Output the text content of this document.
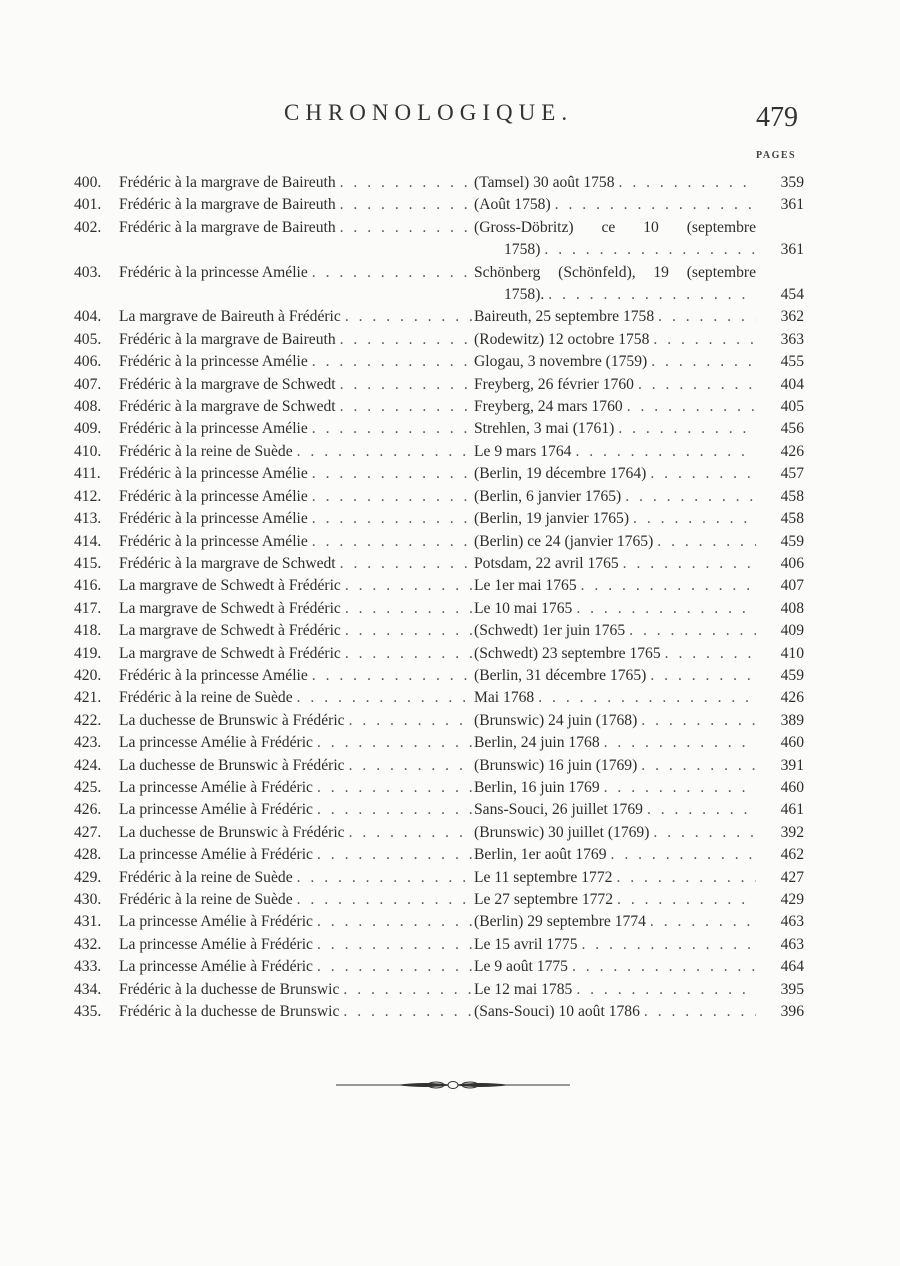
CHRONOLOGIQUE.	479
PAGES
400.	Frédéric à la margrave de Baireuth . . .	(Tamsel) 30 août 1758 . . .	359
401.	Frédéric à la margrave de Baireuth . . .	(Août 1758) . . .	361
402.	Frédéric à la margrave de Baireuth . . .	(Gross-Döbritz) ce 10 (septembre
1758) . . .	361
403.	Frédéric à la princesse Amélie . . .	Schönberg (Schönfeld), 19 (septembre
1758). . . .	454
404.	La margrave de Baireuth à Frédéric . . .	Baireuth, 25 septembre 1758 . . .	362
405.	Frédéric à la margrave de Baireuth . . .	(Rodewitz) 12 octobre 1758 . . .	363
406.	Frédéric à la princesse Amélie . . .	Glogau, 3 novembre (1759) . . .	455
407.	Frédéric à la margrave de Schwedt . . .	Freyberg, 26 février 1760 . . .	404
408.	Frédéric à la margrave de Schwedt . . .	Freyberg, 24 mars 1760 . . .	405
409.	Frédéric à la princesse Amélie . . .	Strehlen, 3 mai (1761) . . .	456
410.	Frédéric à la reine de Suède . . .	Le 9 mars 1764 . . .	426
411.	Frédéric à la princesse Amélie . . .	(Berlin, 19 décembre 1764) . . .	457
412.	Frédéric à la princesse Amélie . . .	(Berlin, 6 janvier 1765) . . .	458
413.	Frédéric à la princesse Amélie . . .	(Berlin, 19 janvier 1765) . . .	458
414.	Frédéric à la princesse Amélie . . .	(Berlin) ce 24 (janvier 1765) . . .	459
415.	Frédéric à la margrave de Schwedt . . .	Potsdam, 22 avril 1765 . . .	406
416.	La margrave de Schwedt à Frédéric . . .	Le 1er mai 1765 . . .	407
417.	La margrave de Schwedt à Frédéric . . .	Le 10 mai 1765 . . .	408
418.	La margrave de Schwedt à Frédéric . . .	(Schwedt) 1er juin 1765 . . .	409
419.	La margrave de Schwedt à Frédéric . . .	(Schwedt) 23 septembre 1765 . . .	410
420.	Frédéric à la princesse Amélie . . .	(Berlin, 31 décembre 1765) . . .	459
421.	Frédéric à la reine de Suède . . .	Mai 1768 . . .	426
422.	La duchesse de Brunswic à Frédéric . . .	(Brunswic) 24 juin (1768) . . .	389
423.	La princesse Amélie à Frédéric . . .	Berlin, 24 juin 1768 . . .	460
424.	La duchesse de Brunswic à Frédéric . . .	(Brunswic) 16 juin (1769) . . .	391
425.	La princesse Amélie à Frédéric . . .	Berlin, 16 juin 1769 . . .	460
426.	La princesse Amélie à Frédéric . . .	Sans-Souci, 26 juillet 1769 . . .	461
427.	La duchesse de Brunswic à Frédéric . . .	(Brunswic) 30 juillet (1769) . . .	392
428.	La princesse Amélie à Frédéric . . .	Berlin, 1er août 1769 . . .	462
429.	Frédéric à la reine de Suède . . .	Le 11 septembre 1772 . . .	427
430.	Frédéric à la reine de Suède . . .	Le 27 septembre 1772 . . .	429
431.	La princesse Amélie à Frédéric . . .	(Berlin) 29 septembre 1774 . . .	463
432.	La princesse Amélie à Frédéric . . .	Le 15 avril 1775 . . .	463
433.	La princesse Amélie à Frédéric . . .	Le 9 août 1775 . . .	464
434.	Frédéric à la duchesse de Brunswic . . .	Le 12 mai 1785 . . .	395
435.	Frédéric à la duchesse de Brunswic . . .	(Sans-Souci) 10 août 1786 . . .	396
